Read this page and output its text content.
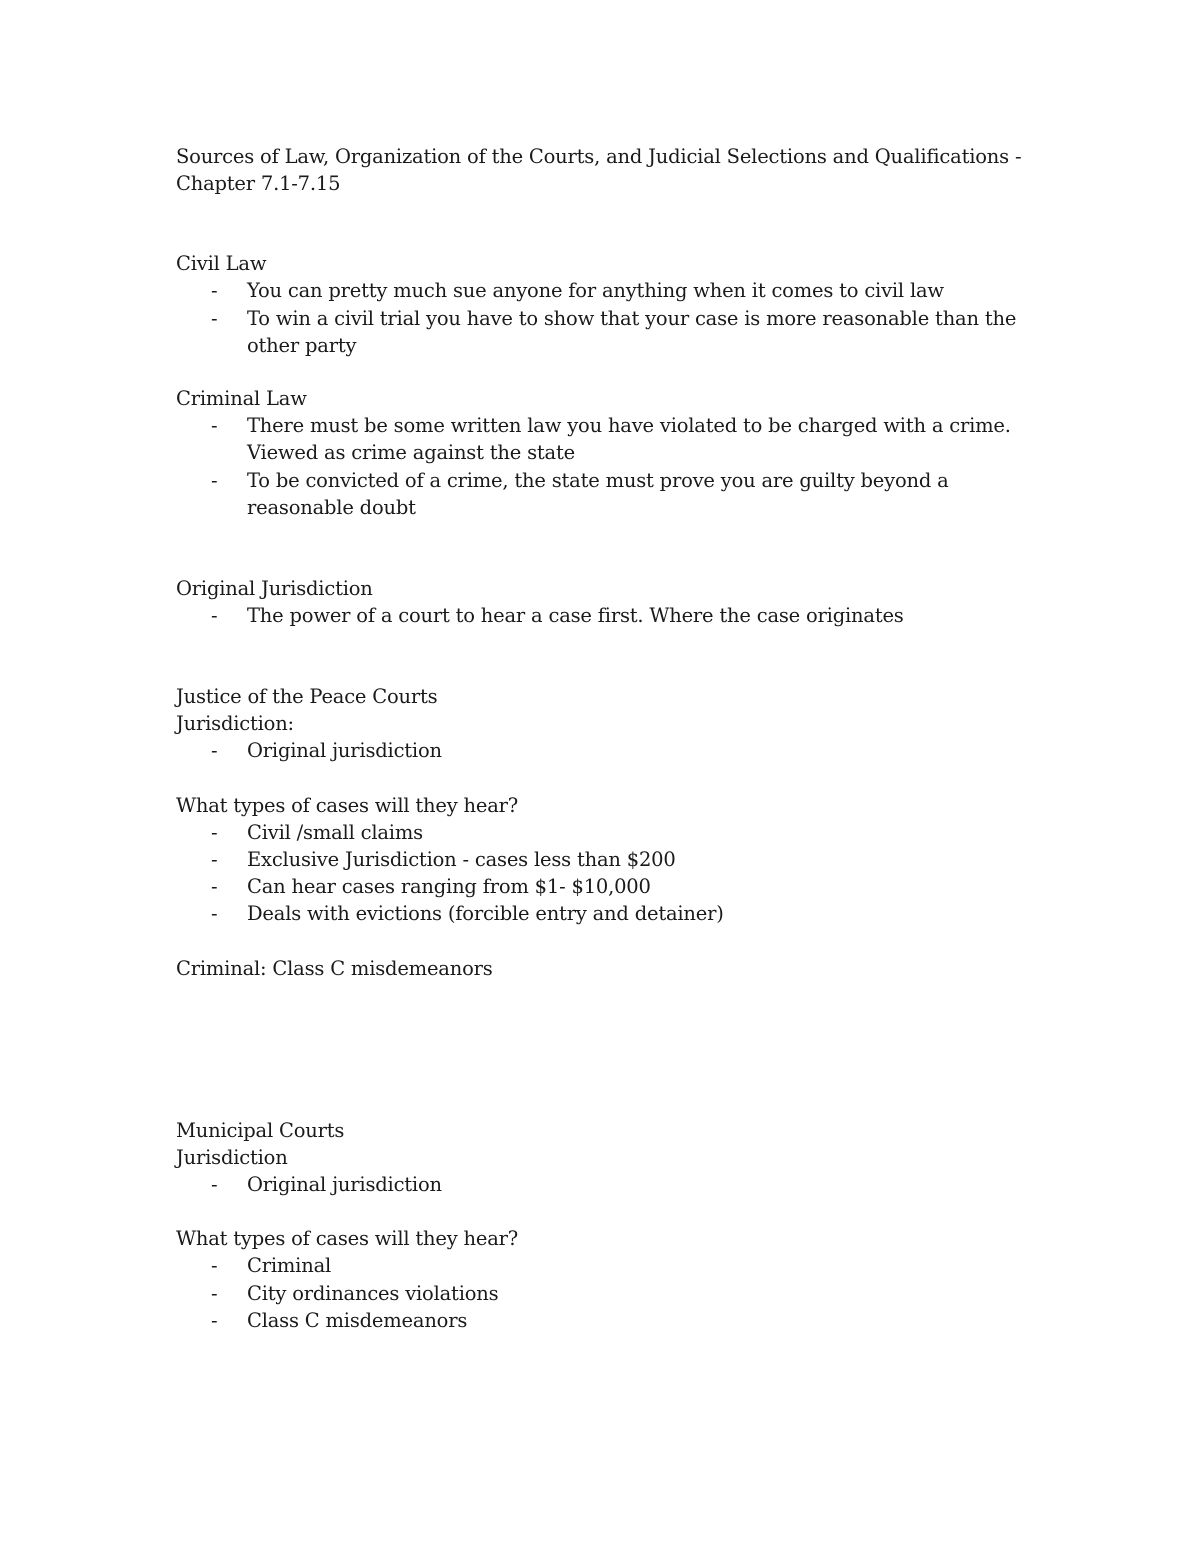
Sources of Law, Organization of the Courts, and Judicial Selections and Qualifications -
Chapter 7.1-7.15
Civil Law
- You can pretty much sue anyone for anything when it comes to civil law
- To win a civil trial you have to show that your case is more reasonable than the
other party
Criminal Law
- There must be some written law you have violated to be charged with a crime.
Viewed as crime against the state
- To be convicted of a crime, the state must prove you are guilty beyond a
reasonable doubt
Original Jurisdiction
- The power of a court to hear a case first. Where the case originates
Justice of the Peace Courts
Jurisdiction:
- Original jurisdiction
What types of cases will they hear?
- Civil /small claims
- Exclusive Jurisdiction - cases less than $200
- Can hear cases ranging from $1- $10,000
- Deals with evictions (forcible entry and detainer)
Criminal: Class C misdemeanors
Municipal Courts
Jurisdiction
- Original jurisdiction
What types of cases will they hear?
- Criminal
- City ordinances violations
- Class C misdemeanors
